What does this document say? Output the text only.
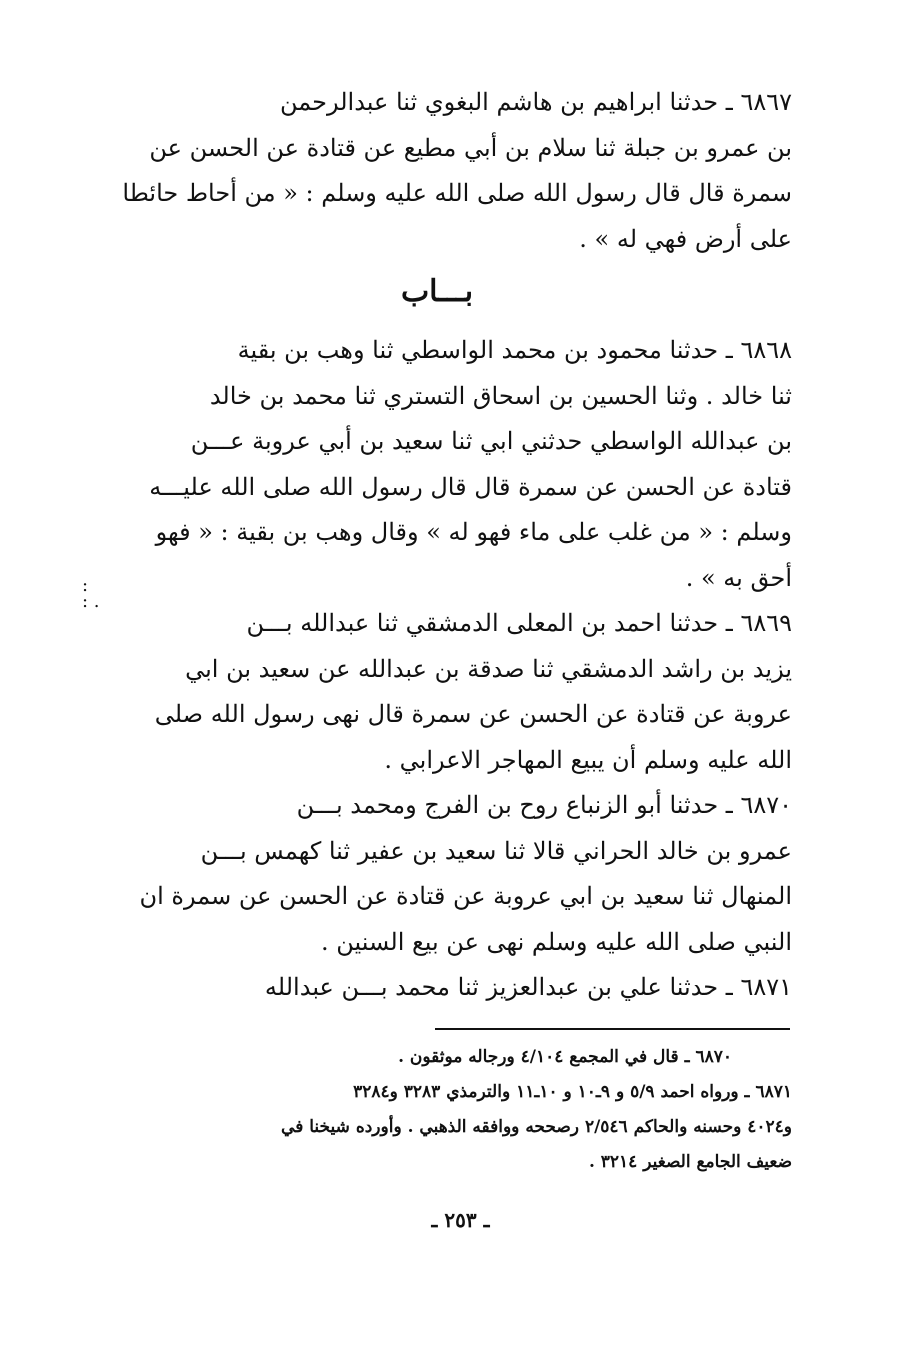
٦٨٦٧ ـ حدثنا ابراهيم بن هاشم البغوي ثنا عبدالرحمن
بن عمرو بن جبلة ثنا سلام بن أبي مطيع عن قتادة عن الحسن عن
سمرة قال قال رسول الله صلى الله عليه وسلم : « من أحاط حائطا
على أرض فهي له » .
بـــاب
٦٨٦٨ ـ حدثنا محمود بن محمد الواسطي ثنا وهب بن بقية
ثنا خالد . وثنا الحسين بن اسحاق التستري ثنا محمد بن خالد
بن عبدالله الواسطي حدثني ابي ثنا سعيد بن أبي عروبة عـــن
قتادة عن الحسن عن سمرة قال قال رسول الله صلى الله عليـــه
وسلم : « من غلب على ماء فهو له » وقال وهب بن بقية : « فهو
أحق به » .
٦٨٦٩ ـ حدثنا احمد بن المعلى الدمشقي ثنا عبدالله بـــن
يزيد بن راشد الدمشقي ثنا صدقة بن عبدالله عن سعيد بن ابي
عروبة عن قتادة عن الحسن عن سمرة قال نهى رسول الله صلى
الله عليه وسلم أن يبيع المهاجر الاعرابي .
٦٨٧٠ ـ حدثنا أبو الزنباع روح بن الفرج ومحمد بـــن
عمرو بن خالد الحراني قالا ثنا سعيد بن عفير ثنا كهمس بـــن
المنهال ثنا سعيد بن ابي عروبة عن قتادة عن الحسن عن سمرة ان
النبي صلى الله عليه وسلم نهى عن بيع السنين .
٦٨٧١ ـ حدثنا علي بن عبدالعزيز ثنا محمد بـــن عبدالله
:
: .
٦٨٧٠ ـ قال في المجمع ٤/١٠٤ ورجاله موثقون .
٦٨٧١ ـ ورواه احمد ٥/٩ و ٩ـ١٠ و ١٠ـ١١ والترمذي ٣٢٨٣ و٣٢٨٤
و٤٠٢٤ وحسنه والحاكم ٢/٥٤٦ رصححه ووافقه الذهبي . وأورده شيخنا في
ضعيف الجامع الصغير ٣٢١٤ .
ـ ٢٥٣ ـ
